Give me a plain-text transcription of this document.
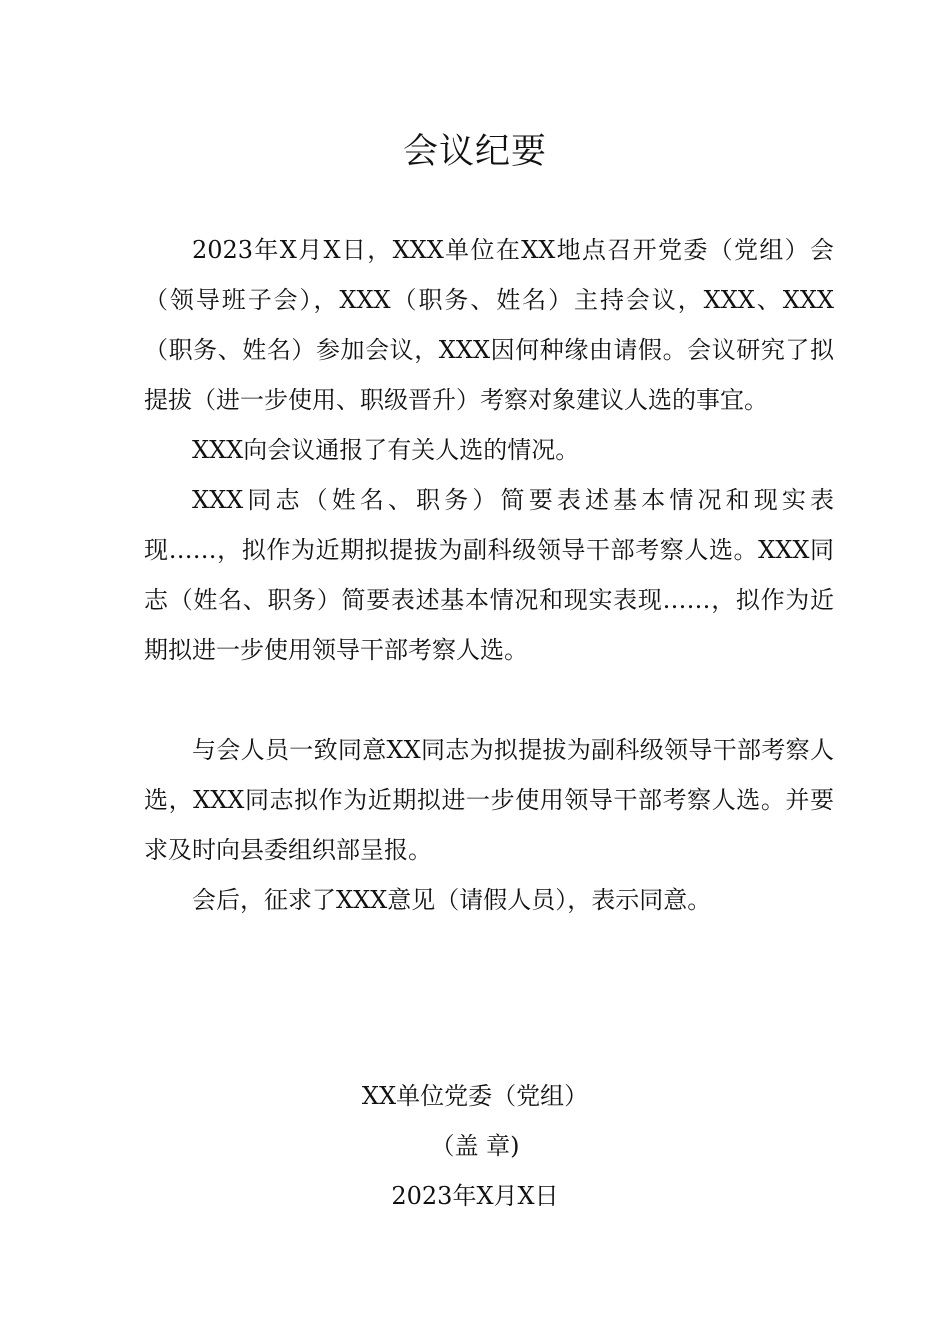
会议纪要

2023年X月X日，XXX单位在XX地点召开党委（党组）会（领导班子会），XXX（职务、姓名）主持会议，XXX、XXX（职务、姓名）参加会议，XXX因何种缘由请假。会议研究了拟提拔（进一步使用、职级晋升）考察对象建议人选的事宜。

XXX向会议通报了有关人选的情况。

XXX同志（姓名、职务）简要表述基本情况和现实表现……，拟作为近期拟提拔为副科级领导干部考察人选。XXX同志（姓名、职务）简要表述基本情况和现实表现……，拟作为近期拟进一步使用领导干部考察人选。

与会人员一致同意XX同志为拟提拔为副科级领导干部考察人选，XXX同志拟作为近期拟进一步使用领导干部考察人选。并要求及时向县委组织部呈报。

会后，征求了XXX意见（请假人员），表示同意。

XX单位党委（党组）
（盖 章)
2023年X月X日
